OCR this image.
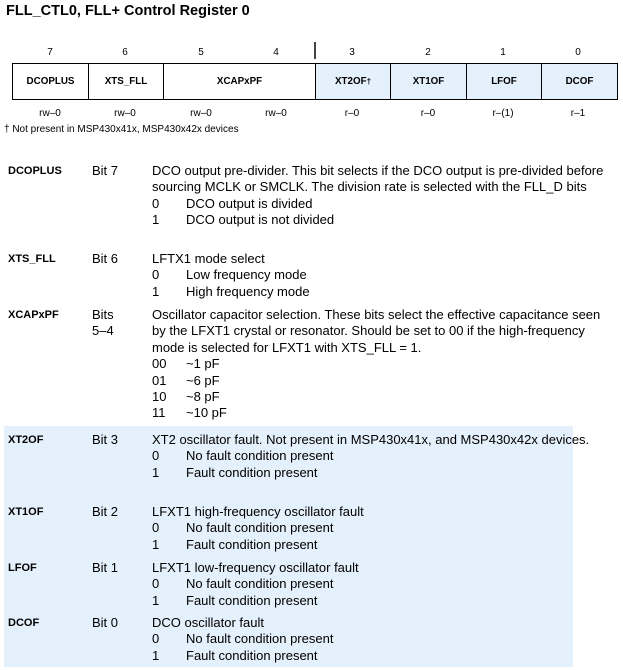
FLL_CTL0, FLL+ Control Register 0
7	6	5	4	3	2	1	0
DCOPLUS	XTS_FLL	XCAPxPF	XT2OF †	XT1OF	LFOF	DCOF
rw–0	rw–0	rw–0	rw–0	r–0	r–0	r–(1)	r–1
† Not present in MSP430x41x, MSP430x42x devices
DCOPLUS Bit 7	DCO output pre-divider. This bit selects if the DCO output is pre-divided before sourcing MCLK or SMCLK. The division rate is selected with the FLL_D bits
0	DCO output is divided
1	DCO output is not divided
XTS_FLL	Bit 6	LFTX1 mode select
0	Low frequency mode
1	High frequency mode
XCAPxPF	Bits
5–4
Oscillator capacitor selection. These bits select the effective capacitance seen by the LFXT1 crystal or resonator. Should be set to 00 if the high-frequency mode is selected for LFXT1 with XTS_FLL = 1.
00	~1 pF
01	~6 pF
10	~8 pF
11	~10 pF
XT2OF	Bit 3	XT2 oscillator fault. Not present in MSP430x41x, and MSP430x42x devices.
0	No fault condition present
1	Fault condition present
XT1OF	Bit 2	LFXT1 high-frequency oscillator fault
0	No fault condition present
1	Fault condition present
LFOF	Bit 1	LFXT1 low-frequency oscillator fault
0	No fault condition present
1	Fault condition present
DCOF	Bit 0	DCO oscillator fault
0	No fault condition present
1	Fault condition present
